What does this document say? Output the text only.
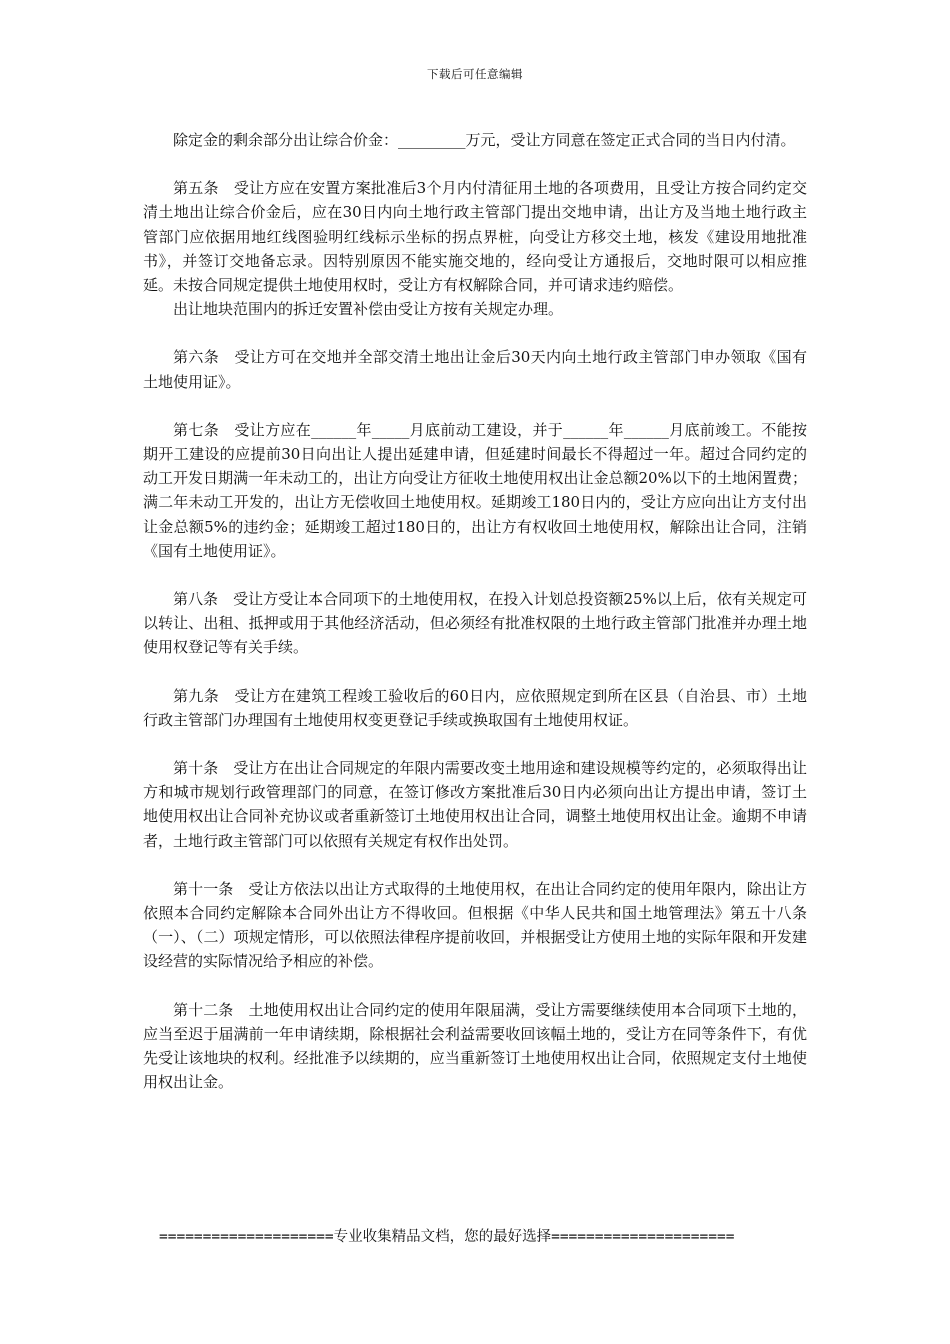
下载后可任意编辑

除定金的剩余部分出让综合价金：_________万元，受让方同意在签定正式合同的当日内付清。

第五条　受让方应在安置方案批准后3个月内付清征用土地的各项费用，且受让方按合同约定交清土地出让综合价金后，应在30日内向土地行政主管部门提出交地申请，出让方及当地土地行政主管部门应依据用地红线图验明红线标示坐标的拐点界桩，向受让方移交土地，核发《建设用地批准书》，并签订交地备忘录。因特别原因不能实施交地的，经向受让方通报后，交地时限可以相应推延。未按合同规定提供土地使用权时，受让方有权解除合同，并可请求违约赔偿。

出让地块范围内的拆迁安置补偿由受让方按有关规定办理。

第六条　受让方可在交地并全部交清土地出让金后30天内向土地行政主管部门申办领取《国有土地使用证》。

第七条　受让方应在______年_____月底前动工建设，并于______年______月底前竣工。不能按期开工建设的应提前30日向出让人提出延建申请，但延建时间最长不得超过一年。超过合同约定的动工开发日期满一年未动工的，出让方向受让方征收土地使用权出让金总额20%以下的土地闲置费；满二年未动工开发的，出让方无偿收回土地使用权。延期竣工180日内的，受让方应向出让方支付出让金总额5%的违约金；延期竣工超过180日的，出让方有权收回土地使用权，解除出让合同，注销《国有土地使用证》。

第八条　受让方受让本合同项下的土地使用权，在投入计划总投资额25%以上后，依有关规定可以转让、出租、抵押或用于其他经济活动，但必须经有批准权限的土地行政主管部门批准并办理土地使用权登记等有关手续。

第九条　受让方在建筑工程竣工验收后的60日内，应依照规定到所在区县（自治县、市）土地行政主管部门办理国有土地使用权变更登记手续或换取国有土地使用权证。

第十条　受让方在出让合同规定的年限内需要改变土地用途和建设规模等约定的，必须取得出让方和城市规划行政管理部门的同意，在签订修改方案批准后30日内必须向出让方提出申请，签订土地使用权出让合同补充协议或者重新签订土地使用权出让合同，调整土地使用权出让金。逾期不申请者，土地行政主管部门可以依照有关规定有权作出处罚。

第十一条　受让方依法以出让方式取得的土地使用权，在出让合同约定的使用年限内，除出让方依照本合同约定解除本合同外出让方不得收回。但根据《中华人民共和国土地管理法》第五十八条（一）、（二）项规定情形，可以依照法律程序提前收回，并根据受让方使用土地的实际年限和开发建设经营的实际情况给予相应的补偿。

第十二条　土地使用权出让合同约定的使用年限届满，受让方需要继续使用本合同项下土地的，应当至迟于届满前一年申请续期，除根据社会利益需要收回该幅土地的，受让方在同等条件下，有优先受让该地块的权利。经批准予以续期的，应当重新签订土地使用权出让合同，依照规定支付土地使用权出让金。

====================专业收集精品文档，您的最好选择=====================
